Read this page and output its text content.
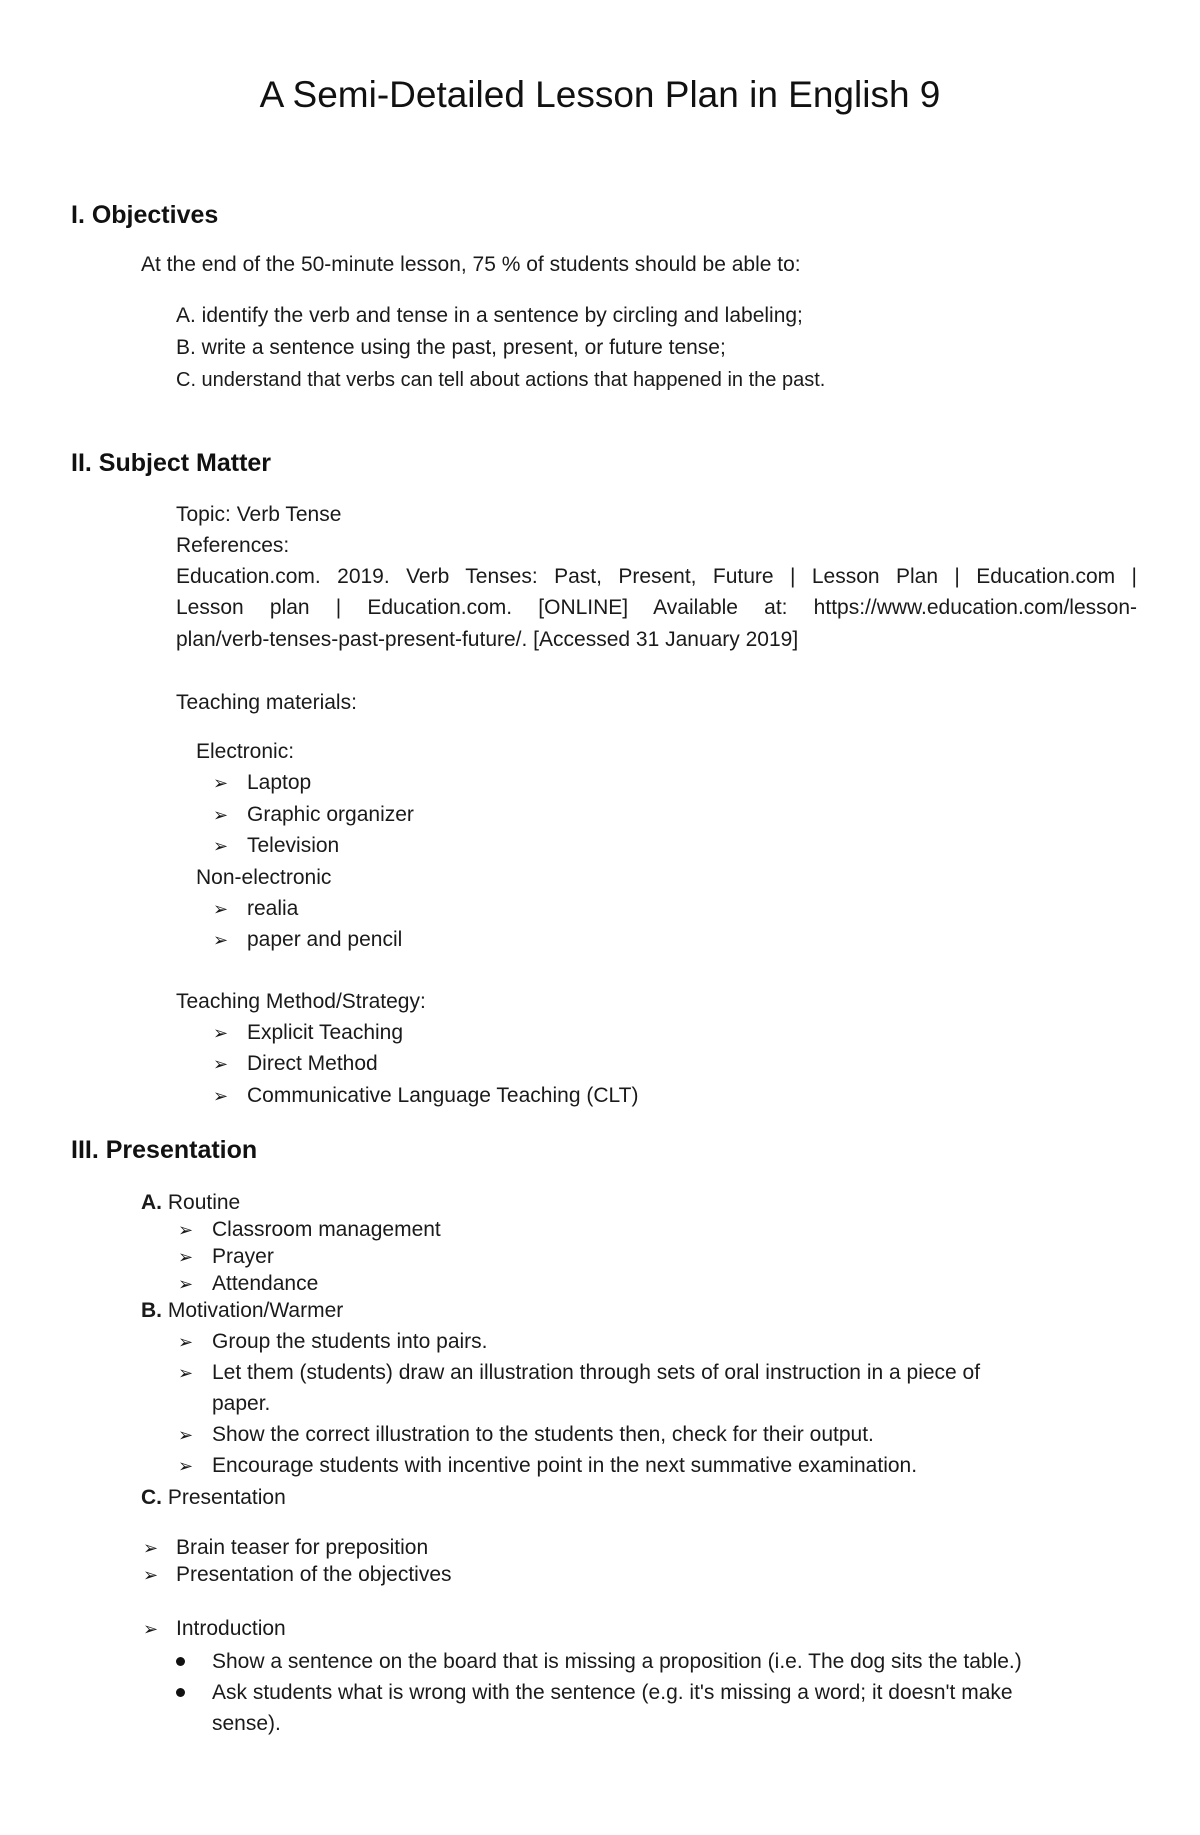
A Semi-Detailed Lesson Plan in English 9
I. Objectives
At the end of the 50-minute lesson, 75 % of students should be able to:
A. identify the verb and tense in a sentence by circling and labeling;
B. write a sentence using the past, present, or future tense;
C. understand that verbs can tell about actions that happened in the past.
II. Subject Matter
Topic: Verb Tense
References:
Education.com. 2019. Verb Tenses: Past, Present, Future | Lesson Plan | Education.com |
Lesson plan | Education.com. [ONLINE] Available at: https://www.education.com/lesson-
plan/verb-tenses-past-present-future/. [Accessed 31 January 2019]
Teaching materials:
Electronic:
➢ Laptop
➢ Graphic organizer
➢ Television
Non-electronic
➢ realia
➢ paper and pencil
Teaching Method/Strategy:
➢ Explicit Teaching
➢ Direct Method
➢ Communicative Language Teaching (CLT)
III. Presentation
A. Routine
➢ Classroom management
➢ Prayer
➢ Attendance
B. Motivation/Warmer
➢ Group the students into pairs.
➢ Let them (students) draw an illustration through sets of oral instruction in a piece of
paper.
➢ Show the correct illustration to the students then, check for their output.
➢ Encourage students with incentive point in the next summative examination.
C. Presentation
➢ Brain teaser for preposition
➢ Presentation of the objectives
➢ Introduction
Show a sentence on the board that is missing a proposition (i.e. The dog sits the table.)
Ask students what is wrong with the sentence (e.g. it's missing a word; it doesn't make
sense).
